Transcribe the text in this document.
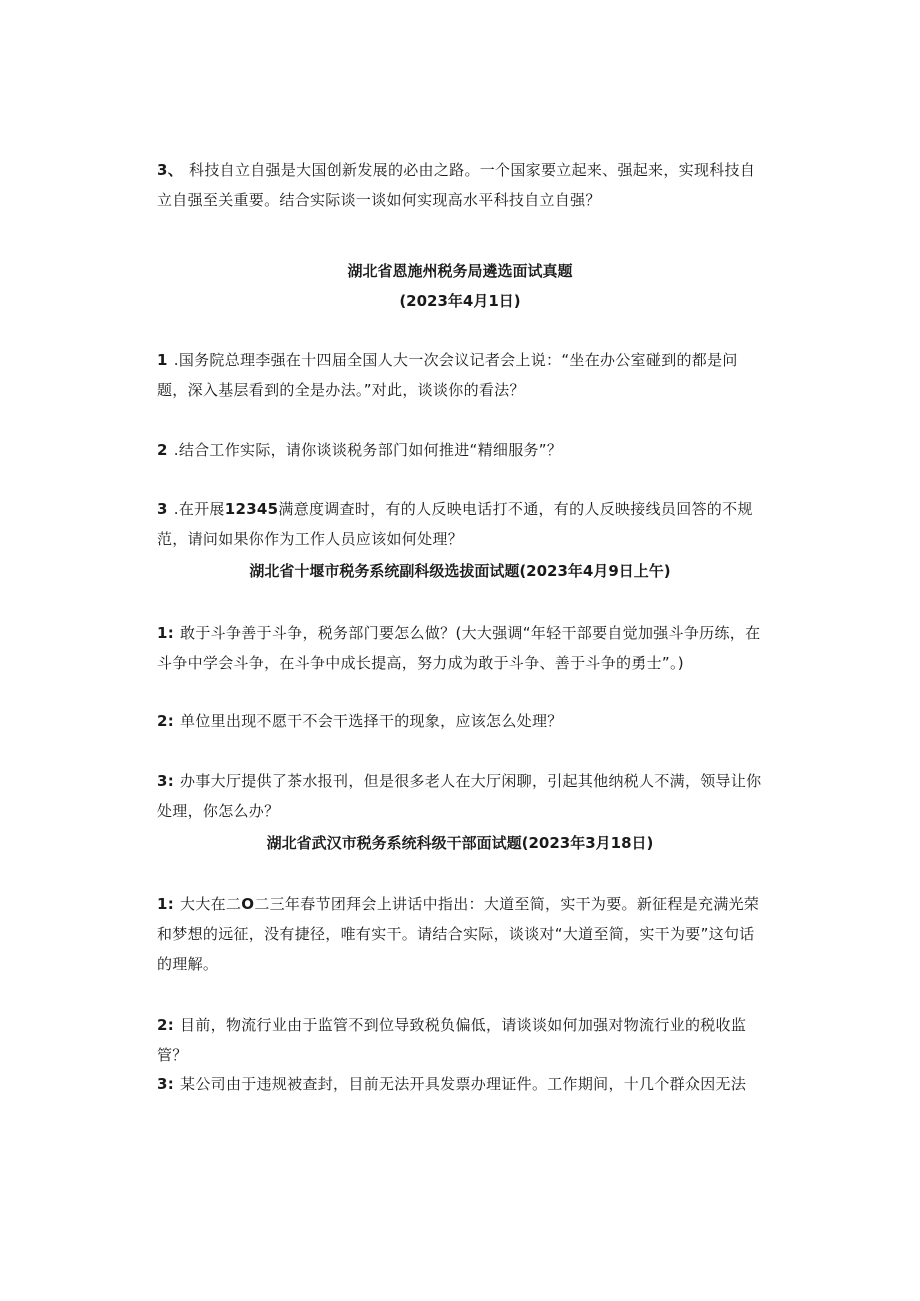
3、 科技自立自强是大国创新发展的必由之路。一个国家要立起来、强起来，实现科技自立自强至关重要。结合实际谈一谈如何实现高水平科技自立自强？

湖北省恩施州税务局遴选面试真题
(2023年4月1日)

1 .国务院总理李强在十四届全国人大一次会议记者会上说：“坐在办公室碰到的都是问题，深入基层看到的全是办法。”对此，谈谈你的看法？

2 .结合工作实际，请你谈谈税务部门如何推进“精细服务”？

3 .在开展12345满意度调查时，有的人反映电话打不通，有的人反映接线员回答的不规范，请问如果你作为工作人员应该如何处理？

湖北省十堰市税务系统副科级选拔面试题(2023年4月9日上午)

1: 敢于斗争善于斗争，税务部门要怎么做？(大大强调“年轻干部要自觉加强斗争历练，在斗争中学会斗争，在斗争中成长提高，努力成为敢于斗争、善于斗争的勇士”。)

2: 单位里出现不愿干不会干选择干的现象，应该怎么处理？

3: 办事大厅提供了茶水报刊，但是很多老人在大厅闲聊，引起其他纳税人不满，领导让你处理，你怎么办？

湖北省武汉市税务系统科级干部面试题(2023年3月18日)

1: 大大在二O二三年春节团拜会上讲话中指出：大道至简，实干为要。新征程是充满光荣和梦想的远征，没有捷径，唯有实干。请结合实际，谈谈对“大道至简，实干为要”这句话的理解。

2: 目前，物流行业由于监管不到位导致税负偏低，请谈谈如何加强对物流行业的税收监管？

3: 某公司由于违规被查封，目前无法开具发票办理证件。工作期间，十几个群众因无法
